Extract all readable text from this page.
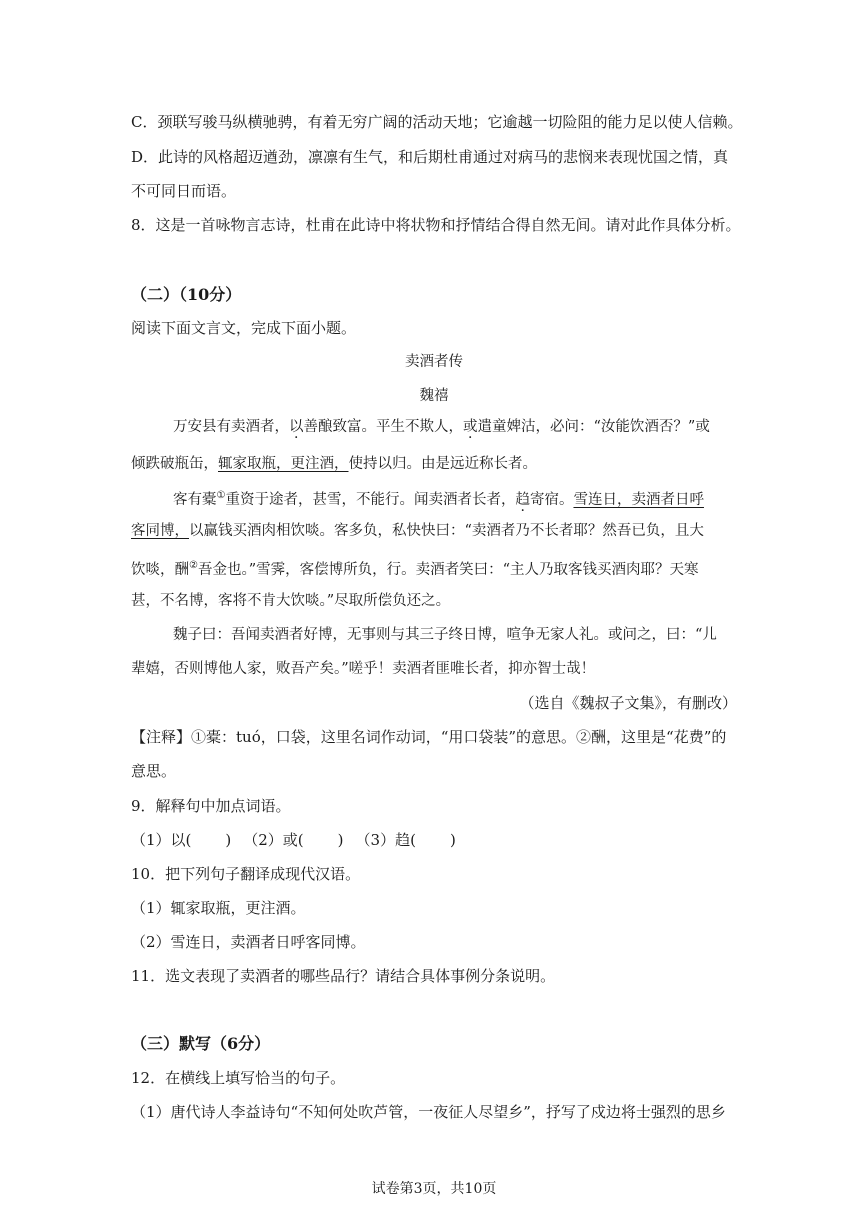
C．颈联写骏马纵横驰骋，有着无穷广阔的活动天地；它逾越一切险阻的能力足以使人信赖。
D．此诗的风格超迈遒劲，凛凛有生气，和后期杜甫通过对病马的悲悯来表现忧国之情，真
不可同日而语。
8．这是一首咏物言志诗，杜甫在此诗中将状物和抒情结合得自然无间。请对此作具体分析。
（二）（10分）
阅读下面文言文，完成下面小题。
卖酒者传
魏禧
万安县有卖酒者，以善酿致富。平生不欺人，或遣童婢沽，必问：“汝能饮酒否？”或
倾跌破瓶缶，辄家取瓶，更注酒，使持以归。由是远近称长者。
客有橐①重资于途者，甚雪，不能行。闻卖酒者长者，趋寄宿。雪连日，卖酒者日呼
客同博，以赢钱买酒肉相饮啖。客多负，私快快曰：“卖酒者乃不长者耶？然吾已负，且大
饮啖，酬②吾金也。”雪霁，客偿博所负，行。卖酒者笑曰：“主人乃取客钱买酒肉耶？天寒
甚，不名博，客将不肯大饮啖。”尽取所偿负还之。
魏子曰：吾闻卖酒者好博，无事则与其三子终日博，喧争无家人礼。或问之，曰：“儿
辈嬉，否则博他人家，败吾产矣。”嗟乎！卖酒者匪唯长者，抑亦智士哉！
（选自《魏叔子文集》，有删改）
【注释】①橐：tuó，口袋，这里名词作动词，“用口袋装”的意思。②酬，这里是“花费”的
意思。
9．解释句中加点词语。
（1）以( ) （2）或( ) （3）趋( )
10．把下列句子翻译成现代汉语。
（1）辄家取瓶，更注酒。
（2）雪连日，卖酒者日呼客同博。
11．选文表现了卖酒者的哪些品行？请结合具体事例分条说明。
（三）默写（6分）
12．在横线上填写恰当的句子。
（1）唐代诗人李益诗句“不知何处吹芦管，一夜征人尽望乡”，抒写了戍边将士强烈的思乡
试卷第3页，共10页
